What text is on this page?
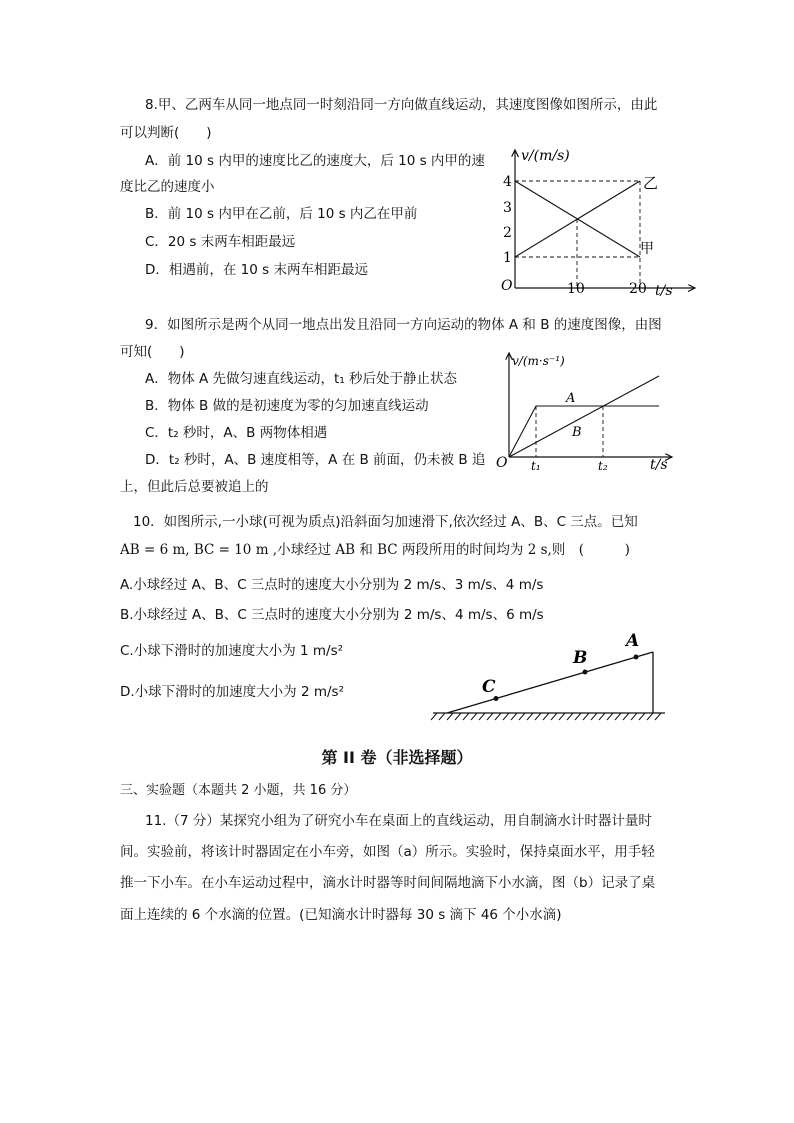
8.甲、乙两车从同一地点同一时刻沿同一方向做直线运动，其速度图像如图所示，由此
可以判断(　　)
A．前 10 s 内甲的速度比乙的速度大，后 10 s 内甲的速
度比乙的速度小
B．前 10 s 内甲在乙前，后 10 s 内乙在甲前
C．20 s 末两车相距最远
D．相遇前，在 10 s 末两车相距最远
v/(m/s)
4
3
2
1
O	10	20 t/s
乙
甲
9．如图所示是两个从同一地点出发且沿同一方向运动的物体 A 和 B 的速度图像，由图
可知(　　)
A．物体 A 先做匀速直线运动，t₁ 秒后处于静止状态
B．物体 B 做的是初速度为零的匀加速直线运动
C．t₂ 秒时，A、B 两物体相遇
D．t₂ 秒时，A、B 速度相等，A 在 B 前面，仍未被 B 追
上，但此后总要被追上的
v/(m·s⁻¹)
O
A
B
t₁	t₂	t/s
10．如图所示,一小球(可视为质点)沿斜面匀加速滑下,依次经过 A、B、C 三点。已知
AB = 6 m, BC = 10 m ,小球经过 AB 和 BC 两段所用的时间均为 2 s,则　(　　　)
A.小球经过 A、B、C 三点时的速度大小分别为 2 m/s、3 m/s、4 m/s
B.小球经过 A、B、C 三点时的速度大小分别为 2 m/s、4 m/s、6 m/s
C.小球下滑时的加速度大小为 1 m/s²
D.小球下滑时的加速度大小为 2 m/s²	C
B
A
第 II 卷（非选择题）
三、实验题（本题共 2 小题，共 16 分）
11.（7 分）某探究小组为了研究小车在桌面上的直线运动，用自制滴水计时器计量时
间。实验前，将该计时器固定在小车旁，如图（a）所示。实验时，保持桌面水平，用手轻
推一下小车。在小车运动过程中，滴水计时器等时间间隔地滴下小水滴，图（b）记录了桌
面上连续的 6 个水滴的位置。(已知滴水计时器每 30 s 滴下 46 个小水滴)
